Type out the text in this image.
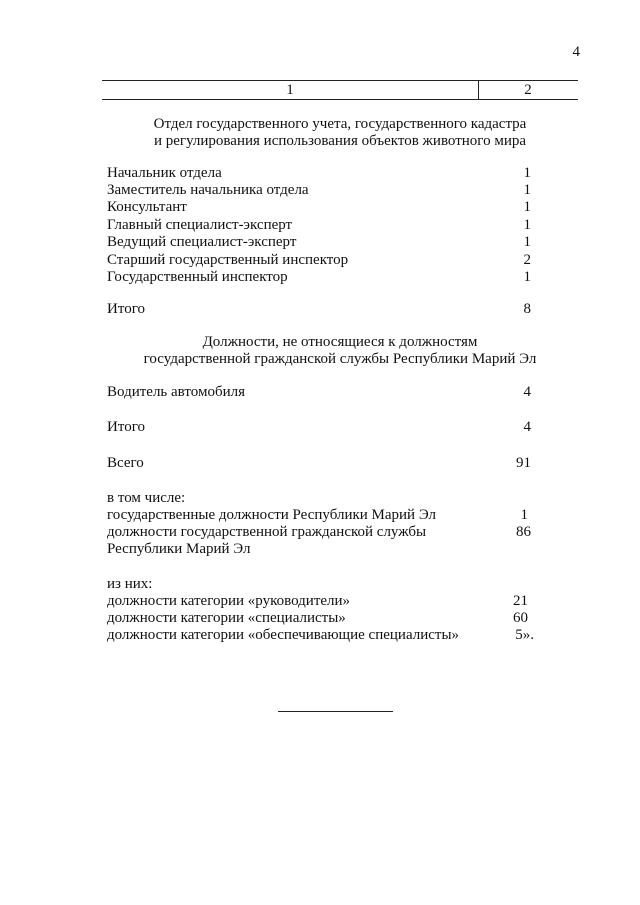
4
1	2
Отдел государственного учета, государственного кадастра
и регулирования использования объектов животного мира
Начальник отдела	1
Заместитель начальника отдела	1
Консультант	1
Главный специалист-эксперт	1
Ведущий специалист-эксперт	1
Старший государственный инспектор	2
Государственный инспектор	1
Итого	8
Должности, не относящиеся к должностям
государственной гражданской службы Республики Марий Эл
Водитель автомобиля	4
Итого	4
Всего	91
в том числе:
государственные должности Республики Марий Эл	1
должности государственной гражданской службы	86
Республики Марий Эл
из них:
должности категории «руководители»	21
должности категории «специалисты»	60
должности категории «обеспечивающие специалисты»	5».
